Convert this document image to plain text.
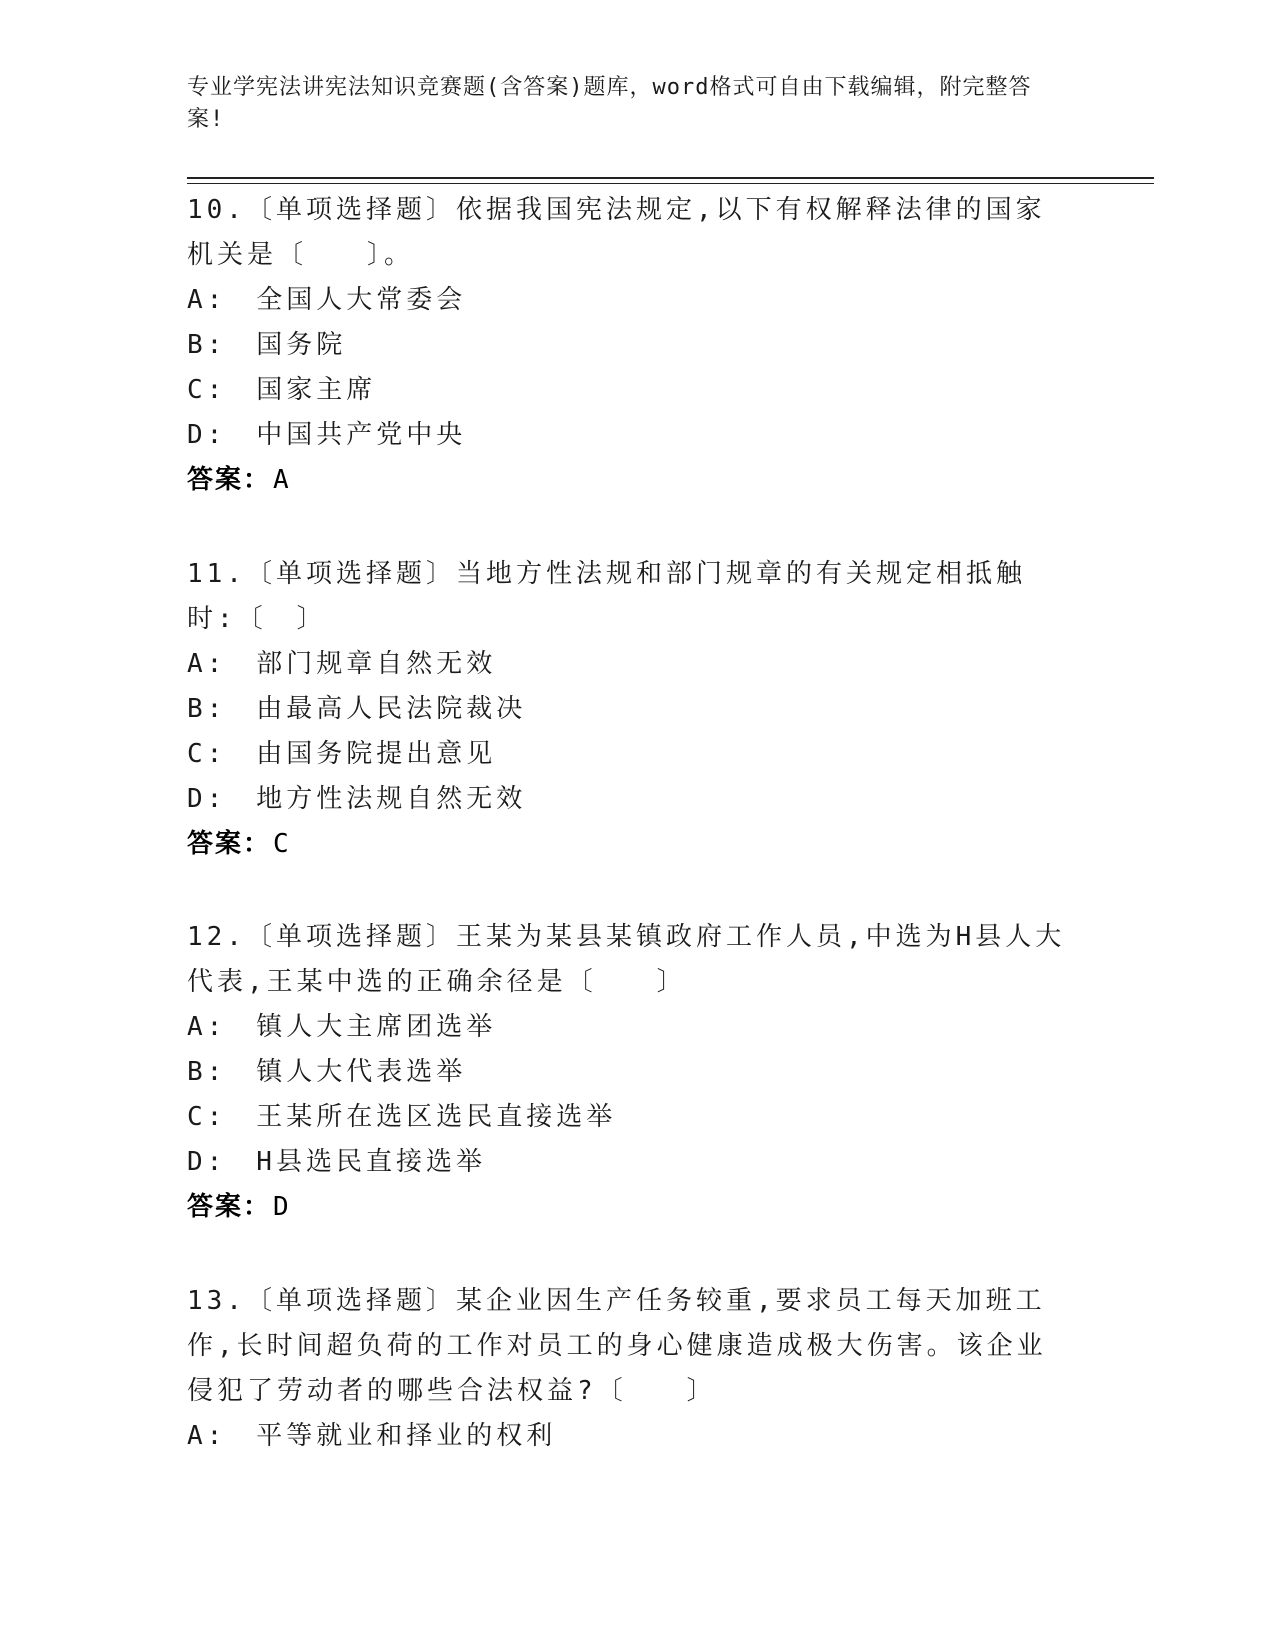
专业学宪法讲宪法知识竞赛题(含答案)题库，word格式可自由下载编辑，附完整答案!

10.〔单项选择题〕依据我国宪法规定,以下有权解释法律的国家机关是〔　　〕。

A:　全国人大常委会

B:　国务院

C:　国家主席

D:　中国共产党中央

答案：A

11.〔单项选择题〕当地方性法规和部门规章的有关规定相抵触时:〔　〕

A:　部门规章自然无效

B:　由最高人民法院裁决

C:　由国务院提出意见

D:　地方性法规自然无效

答案：C

12.〔单项选择题〕王某为某县某镇政府工作人员,中选为H县人大代表,王某中选的正确余径是〔　　〕

A:　镇人大主席团选举

B:　镇人大代表选举

C:　王某所在选区选民直接选举

D:　H县选民直接选举

答案：D

13.〔单项选择题〕某企业因生产任务较重,要求员工每天加班工作,长时间超负荷的工作对员工的身心健康造成极大伤害。该企业侵犯了劳动者的哪些合法权益?〔　　〕

A:　平等就业和择业的权利
